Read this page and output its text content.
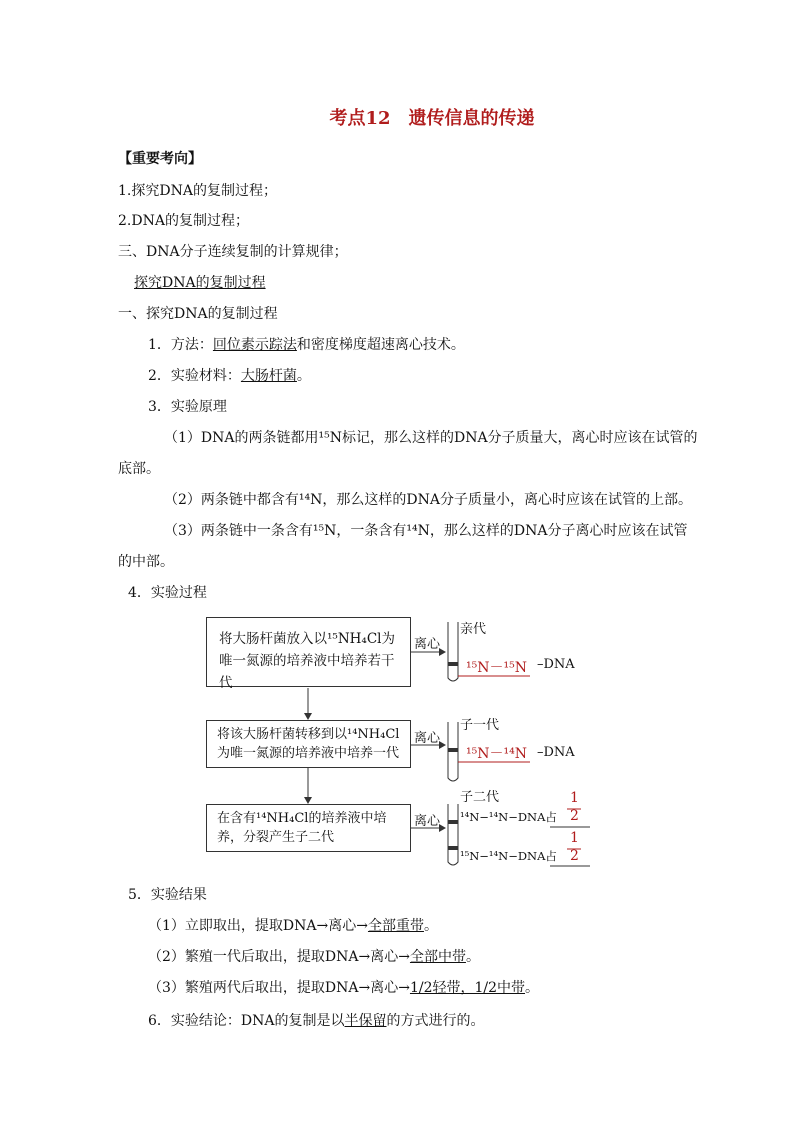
考点12　遗传信息的传递
【重要考向】
1.探究DNA的复制过程；
2.DNA的复制过程；
三、DNA分子连续复制的计算规律；
探究DNA的复制过程
一、探究DNA的复制过程
1．方法：回位素示踪法和密度梯度超速离心技术。
2．实验材料：大肠杆菌。
3．实验原理
（1）DNA的两条链都用¹⁵N标记，那么这样的DNA分子质量大，离心时应该在试管的
底部。
（2）两条链中都含有¹⁴N，那么这样的DNA分子质量小，离心时应该在试管的上部。
（3）两条链中一条含有¹⁵N，一条含有¹⁴N，那么这样的DNA分子离心时应该在试管
的中部。
4．实验过程
将大肠杆菌放入以¹⁵NH₄Cl为唯一氮源的培养液中培养若干代
将该大肠杆菌转移到以¹⁴NH₄Cl为唯一氮源的培养液中培养一代
在含有¹⁴NH₄Cl的培养液中培养，分裂产生子二代
离心
离心
离心
亲代
子一代
子二代
¹⁵N－¹⁵N –DNA
¹⁵N－¹⁴N –DNA
¹⁴N−¹⁴N−DNA占
¹⁵N−¹⁴N−DNA占
1
2
1
2
5．实验结果
（1）立即取出，提取DNA→离心→全部重带。
（2）繁殖一代后取出，提取DNA→离心→全部中带。
（3）繁殖两代后取出，提取DNA→离心→1/2轻带，1/2中带。
6．实验结论：DNA的复制是以半保留的方式进行的。
